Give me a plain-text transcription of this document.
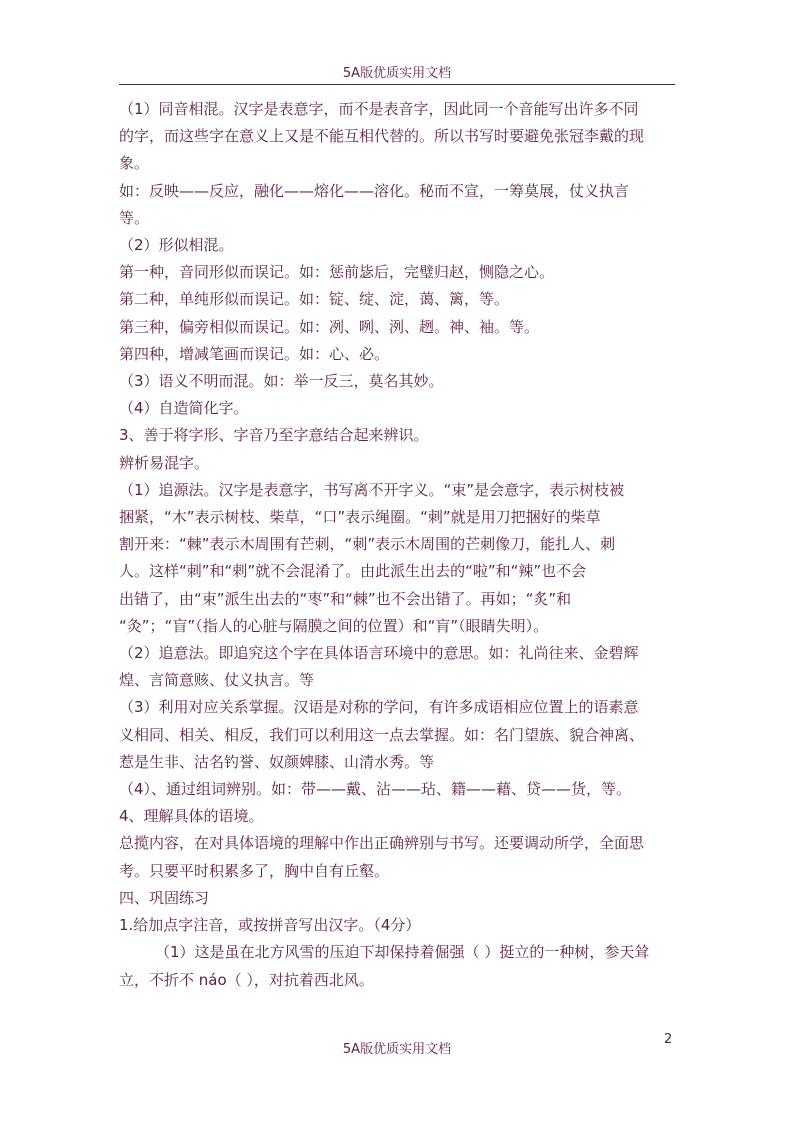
5A版优质实用文档
（1）同音相混。汉字是表意字，而不是表音字，因此同一个音能写出许多不同
的字，而这些字在意义上又是不能互相代替的。所以书写时要避免张冠李戴的现
象。
如：反映——反应，融化——熔化——溶化。秘而不宣，一筹莫展，仗义执言
等。
（2）形似相混。
第一种，音同形似而误记。如：惩前毖后，完璧归赵，恻隐之心。
第二种，单纯形似而误记。如：锭、绽、淀，蔼、篱，等。
第三种，偏旁相似而误记。如：冽、咧、洌、趔。神、袖。等。
第四种，增减笔画而误记。如：心、必。
（3）语义不明而混。如：举一反三，莫名其妙。
（4）自造简化字。
3、善于将字形、字音乃至字意结合起来辨识。
辨析易混字。
（1）追源法。汉字是表意字，书写离不开字义。“束”是会意字，表示树枝被
捆紧，“木”表示树枝、柴草，“口”表示绳圈。“刺”就是用刀把捆好的柴草
割开来：“棘”表示木周围有芒刺，“刺”表示木周围的芒刺像刀，能扎人、刺
人。这样“刺”和“剌”就不会混淆了。由此派生出去的“啦”和“辣”也不会
出错了，由“束”派生出去的“枣”和“棘”也不会出错了。再如；“炙”和
“灸”；“盲”（指人的心脏与隔膜之间的位置）和“肓”（眼睛失明）。
（2）追意法。即追究这个字在具体语言环境中的意思。如：礼尚往来、金碧辉
煌、言简意赅、仗义执言。等
（3）利用对应关系掌握。汉语是对称的学问，有许多成语相应位置上的语素意
义相同、相关、相反，我们可以利用这一点去掌握。如：名门望族、貌合神离、
惹是生非、沽名钓誉、奴颜婢膝、山清水秀。等
（4）、通过组词辨别。如：带——戴、沾——玷、籍——藉、贷——货，等。
4、理解具体的语境。
总揽内容，在对具体语境的理解中作出正确辨别与书写。还要调动所学，全面思
考。只要平时积累多了，胸中自有丘壑。
四、巩固练习
1.给加点字注音，或按拼音写出汉字。（4分）
（1）这是虽在北方风雪的压迫下却保持着倔强（ ）挺立的一种树，参天耸
立，不折不 náo（ ），对抗着西北风。
2
5A版优质实用文档
